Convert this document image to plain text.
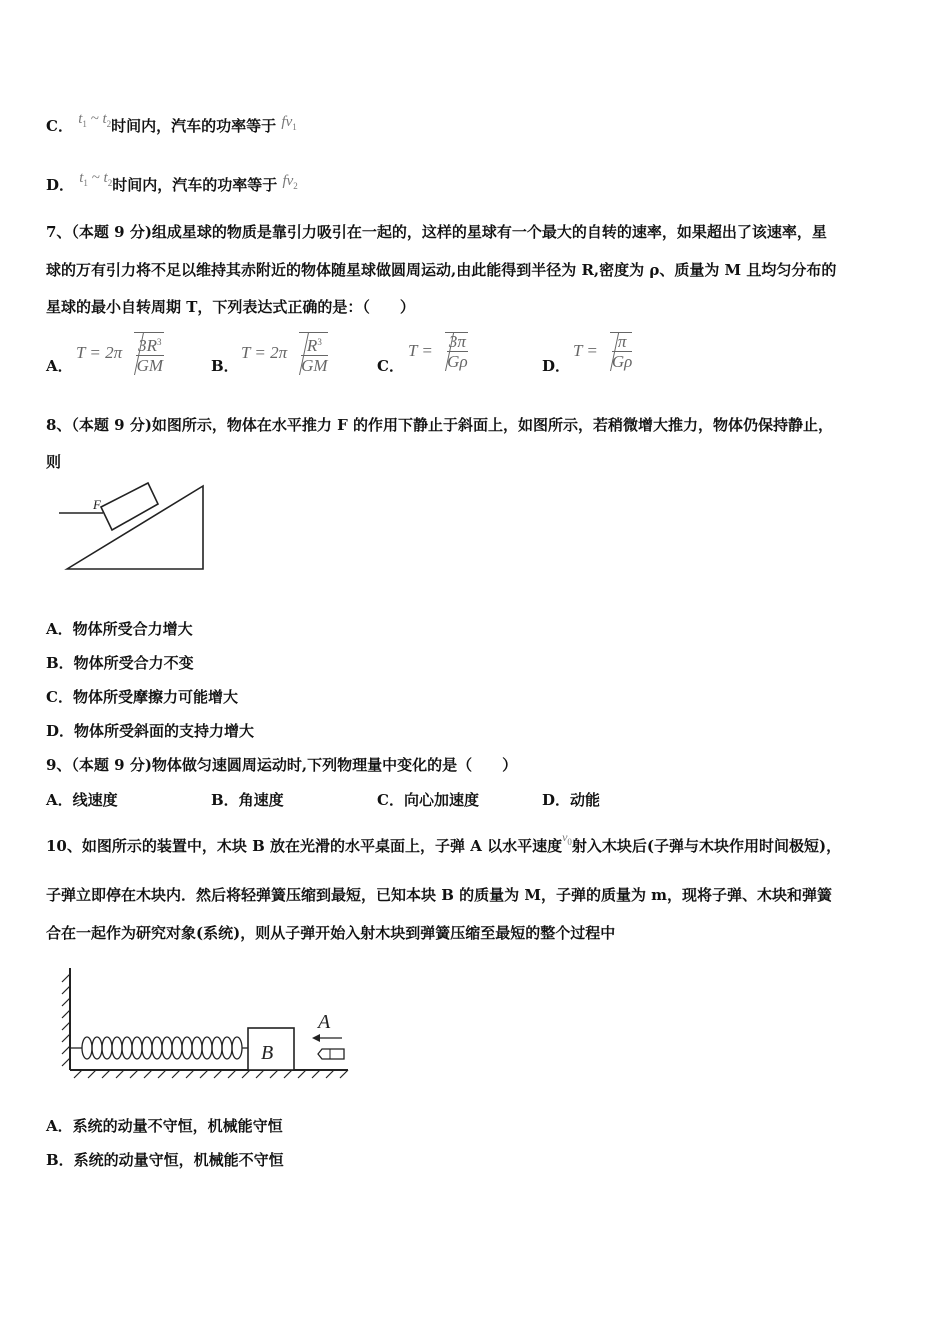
C． $t_1$ ~ $t_2$时间内，汽车的功率等于 $fv_1$
D． $t_1$ ~ $t_2$时间内，汽车的功率等于 $fv_2$
7、（本题 9 分)组成星球的物质是靠引力吸引在一起的，这样的星球有一个最大的自转的速率，如果超出了该速率，星
球的万有引力将不足以维持其赤附近的物体随星球做圆周运动,由此能得到半径为 R,密度为 ρ、质量为 M 且均匀分布的
星球的最小自转周期 T，下列表达式正确的是：（　　）
A．
$T = 2\pi \frac{3R^3}{GM}$	B．
$T = 2\pi \frac{R^3}{GM}$	C．
$T = \frac{3\pi}{G\rho}$	D．
$T = \frac{\pi}{G\rho}$
8、（本题 9 分)如图所示，物体在水平推力 F 的作用下静止于斜面上，如图所示，若稍微增大推力，物体仍保持静止，
则
F
A．物体所受合力增大
B．物体所受合力不变
C．物体所受摩擦力可能增大
D．物体所受斜面的支持力增大
9、（本题 9 分)物体做匀速圆周运动时,下列物理量中变化的是（　　）
A．线速度	B．角速度	C．向心加速度	D．动能
10、如图所示的装置中，木块 B 放在光滑的水平桌面上，子弹 A 以水平速度$^{v_0}$射入木块后(子弹与木块作用时间极短)，
子弹立即停在木块内．然后将轻弹簧压缩到最短，已知本块 B 的质量为 M，子弹的质量为 m，现将子弹、木块和弹簧
合在一起作为研究对象(系统)，则从子弹开始入射木块到弹簧压缩至最短的整个过程中
B
A
A．系统的动量不守恒，机械能守恒
B．系统的动量守恒，机械能不守恒
